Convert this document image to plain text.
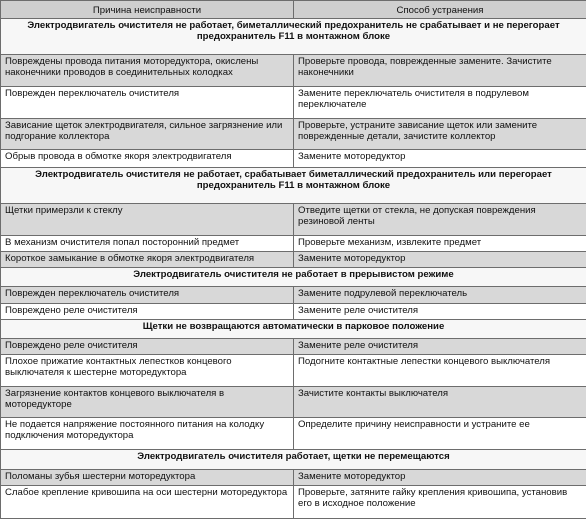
Причина неисправности	Способ устранения
Электродвигатель очистителя не работает, биметаллический предохранитель не срабатывает и не перегорает предохранитель F11 в монтажном блоке	
Повреждены провода питания моторедуктора, окислены наконечники проводов в соединительных колодках	Проверьте провода, поврежденные замените. Зачистите наконечники
Поврежден переключатель очистителя	Замените переключатель очистителя в подрулевом переключателе
Зависание щеток электродвигателя, сильное загрязнение или подгорание коллектора	Проверьте, устраните зависание щеток или замените поврежденные детали, зачистите коллектор
Обрыв провода в обмотке якоря электродвигателя	Замените моторедуктор
Электродвигатель очистителя не работает, срабатывает биметаллический предохранитель или перегорает предохранитель F11 в монтажном блоке	
Щетки примерзли к стеклу	Отведите щетки от стекла, не допуская повреждения резиновой ленты
В механизм очистителя попал посторонний предмет	Проверьте механизм, извлеките предмет
Короткое замыкание в обмотке якоря электродвигателя	Замените моторедуктор
Электродвигатель очистителя не работает в прерывистом режиме	
Поврежден переключатель очистителя	Замените подрулевой переключатель
Повреждено реле очистителя	Замените реле очистителя
Щетки не возвращаются автоматически в парковое положение	
Повреждено реле очистителя	Замените реле очистителя
Плохое прижатие контактных лепестков концевого выключателя к шестерне моторедуктора	Подогните контактные лепестки концевого выключателя
Загрязнение контактов концевого выключателя в моторедукторе	Зачистите контакты выключателя
Не подается напряжение постоянного питания на колодку подключения моторедуктора	Определите причину неисправности и устраните ее
Электродвигатель очистителя работает, щетки не перемещаются	
Поломаны зубья шестерни моторедуктора	Замените моторедуктор
Слабое крепление кривошипа на оси шестерни моторедуктора	Проверьте, затяните гайку крепления кривошипа, установив его в исходное положение
